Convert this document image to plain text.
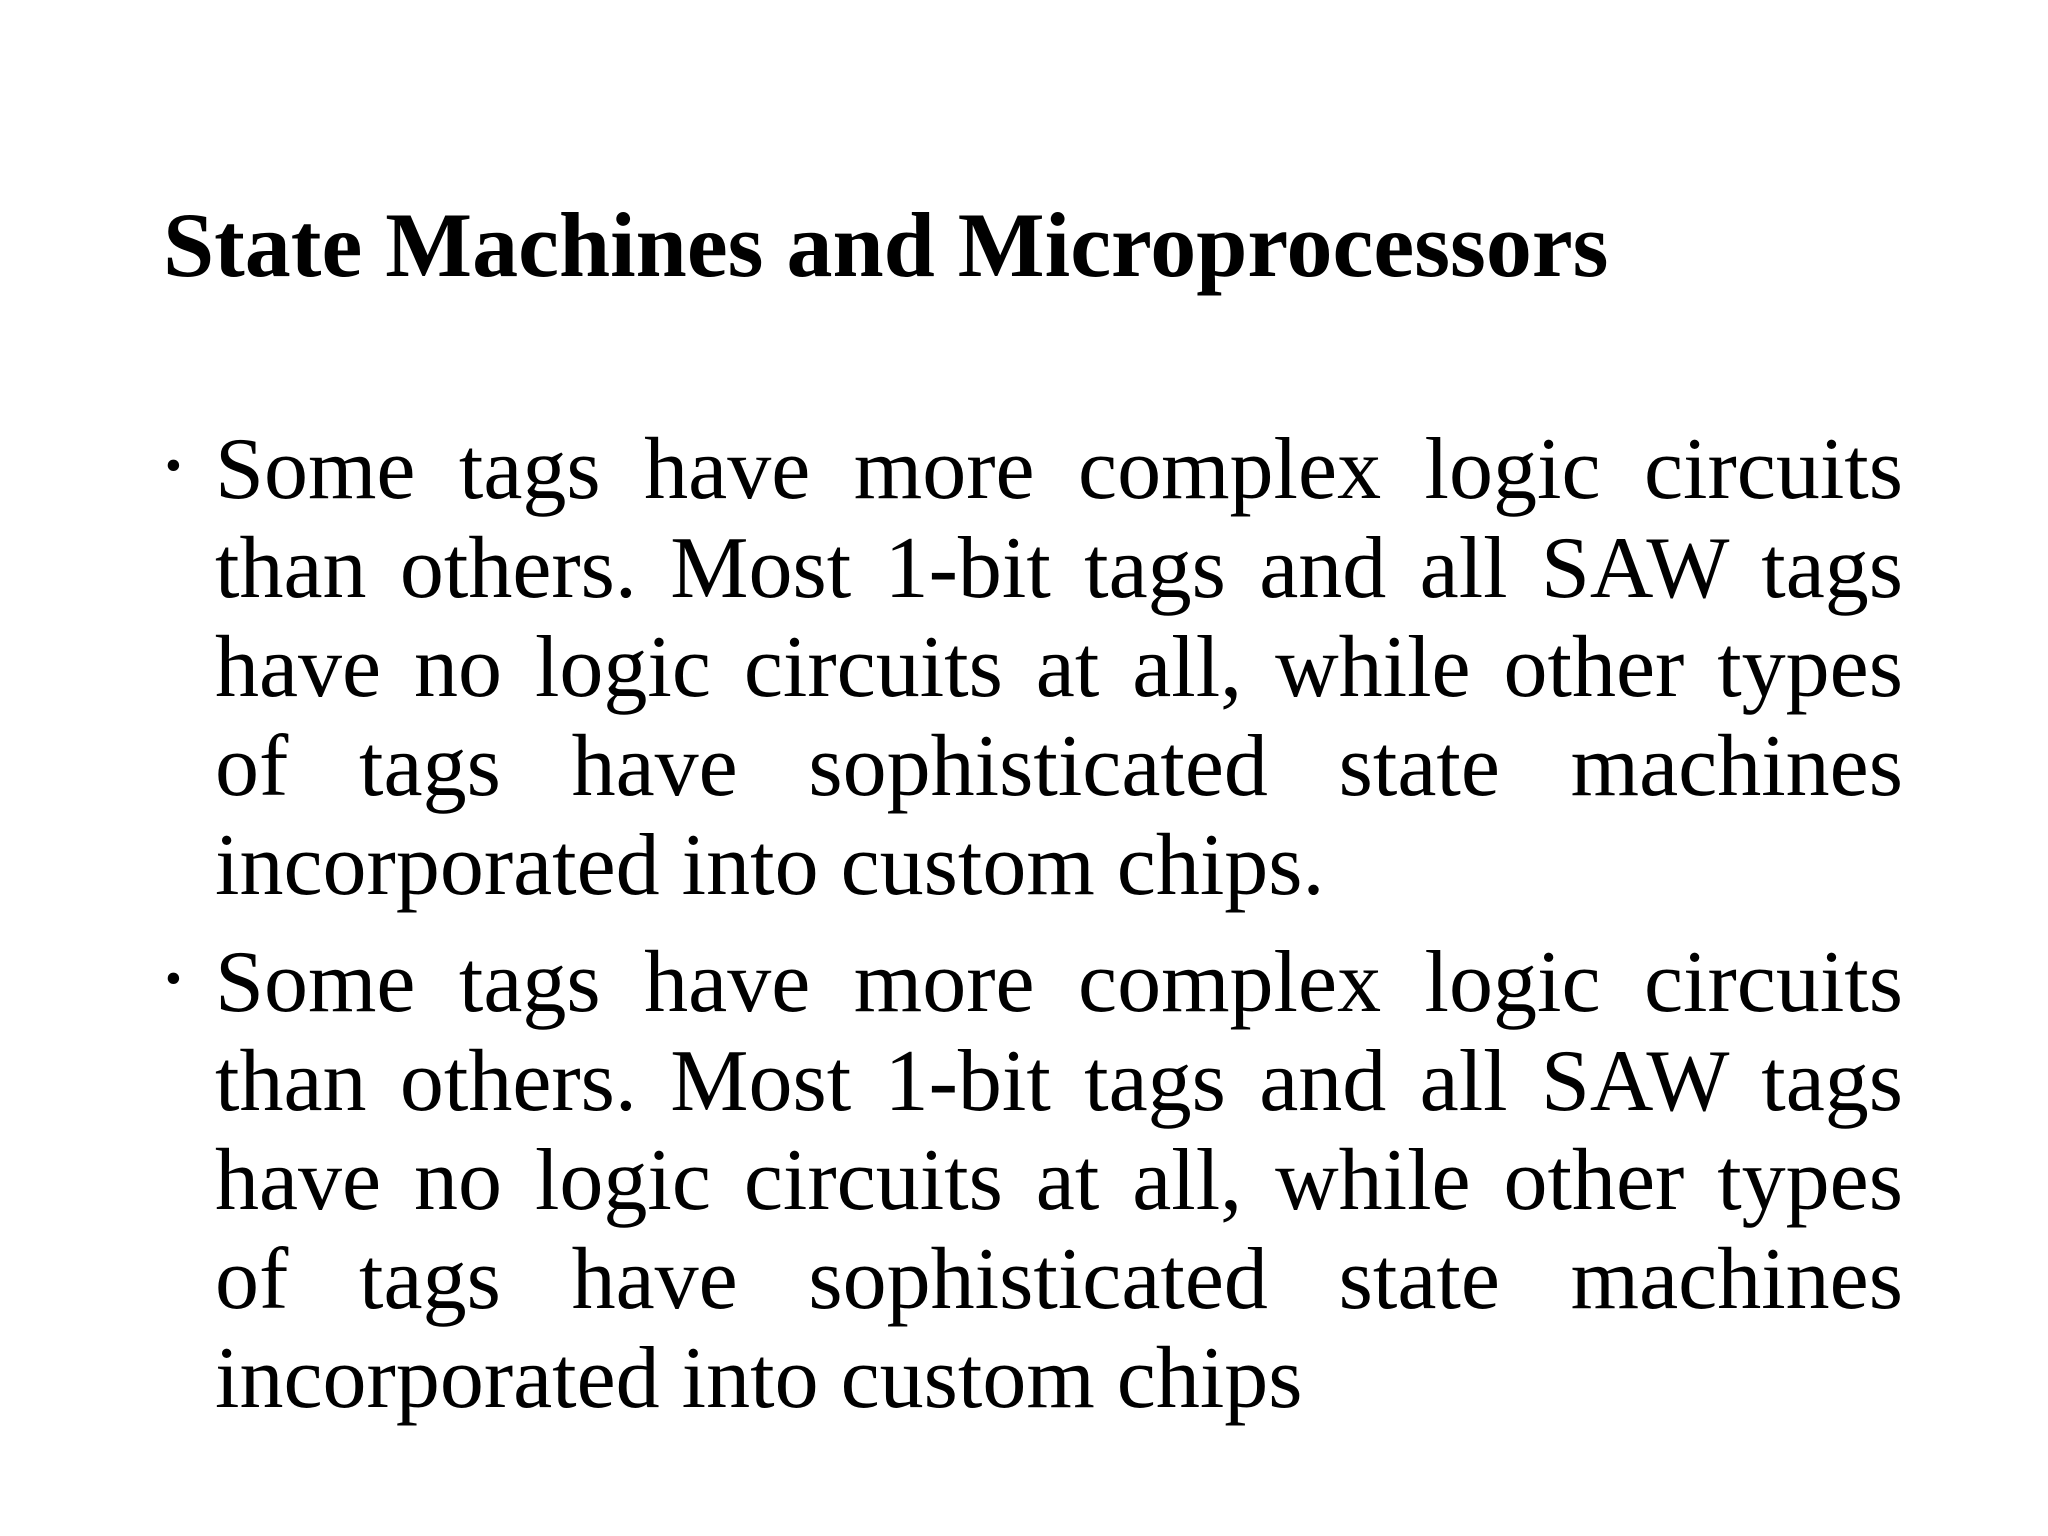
State Machines and Microprocessors
• Some tags have more complex logic circuits than others. Most 1-bit tags and all SAW tags have no logic circuits at all, while other types of tags have sophisticated state machines incorporated into custom chips.
• Some tags have more complex logic circuits than others. Most 1-bit tags and all SAW tags have no logic circuits at all, while other types of tags have sophisticated state machines incorporated into custom chips
